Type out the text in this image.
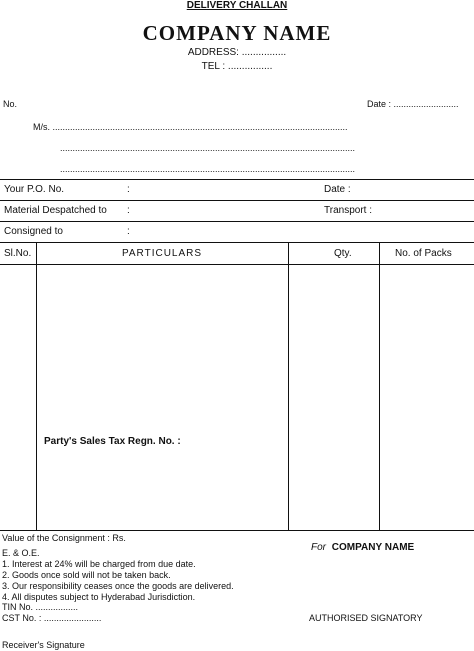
DELIVERY CHALLAN
COMPANY NAME
ADDRESS: ................
TEL : ................
No.	Date : ..........................
M/s. ......................................................................................................................
......................................................................................................................
......................................................................................................................
Your P.O. No.	:	Date :
Material Despatched to :	Transport :
Consigned to	:
Sl.No.	PARTICULARS	Qty.	No. of Packs
Party's Sales Tax Regn. No. :
Value of the Consignment : Rs.
E. & O.E.
1. Interest at 24% will be charged from due date.
2. Goods once sold will not be taken back.
3. Our responsibility ceases once the goods are delivered.
4. All disputes subject to Hyderabad Jurisdiction.
TIN No. .................
CST No. : .......................
For COMPANY NAME
AUTHORISED SIGNATORY
Receiver's Signature
